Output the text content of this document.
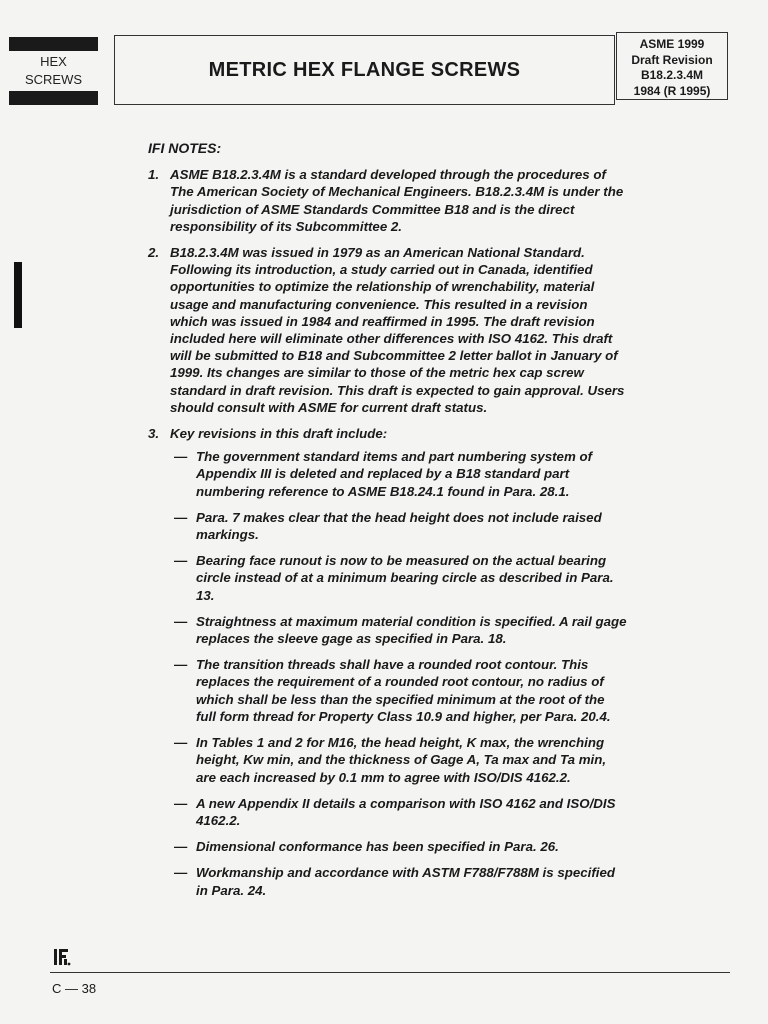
HEX
SCREWS	METRIC HEX FLANGE SCREWS
ASME 1999
Draft Revision
B18.2.3.4M
1984 (R 1995)
IFI NOTES:
1. ASME B18.2.3.4M is a standard developed through the procedures of The American Society of Mechanical Engineers. B18.2.3.4M is under the jurisdiction of ASME Standards Committee B18 and is the direct responsibility of its Subcommittee 2.
2. B18.2.3.4M was issued in 1979 as an American National Standard. Following its introduction, a study carried out in Canada, identified opportunities to optimize the relationship of wrenchability, material usage and manufacturing convenience. This resulted in a revision which was issued in 1984 and reaffirmed in 1995. The draft revision included here will eliminate other differences with ISO 4162. This draft will be submitted to B18 and Subcommittee 2 letter ballot in January of 1999. Its changes are similar to those of the metric hex cap screw standard in draft revision. This draft is expected to gain approval. Users should consult with ASME for current draft status.
3. Key revisions in this draft include:
— The government standard items and part numbering system of Appendix III is deleted and replaced by a B18 standard part numbering reference to ASME B18.24.1 found in Para. 28.1.
— Para. 7 makes clear that the head height does not include raised markings.
— Bearing face runout is now to be measured on the actual bearing circle instead of at a minimum bearing circle as described in Para. 13.
— Straightness at maximum material condition is specified. A rail gage replaces the sleeve gage as specified in Para. 18.
— The transition threads shall have a rounded root contour. This replaces the requirement of a rounded root contour, no radius of which shall be less than the specified minimum at the root of the full form thread for Property Class 10.9 and higher, per Para. 20.4.
— In Tables 1 and 2 for M16, the head height, K max, the wrenching height, Kw min, and the thickness of Gage A, Ta max and Ta min, are each increased by 0.1 mm to agree with ISO/DIS 4162.2.
— A new Appendix II details a comparison with ISO 4162 and ISO/DIS 4162.2.
— Dimensional conformance has been specified in Para. 26.
— Workmanship and accordance with ASTM F788/F788M is specified in Para. 24.
C — 38
